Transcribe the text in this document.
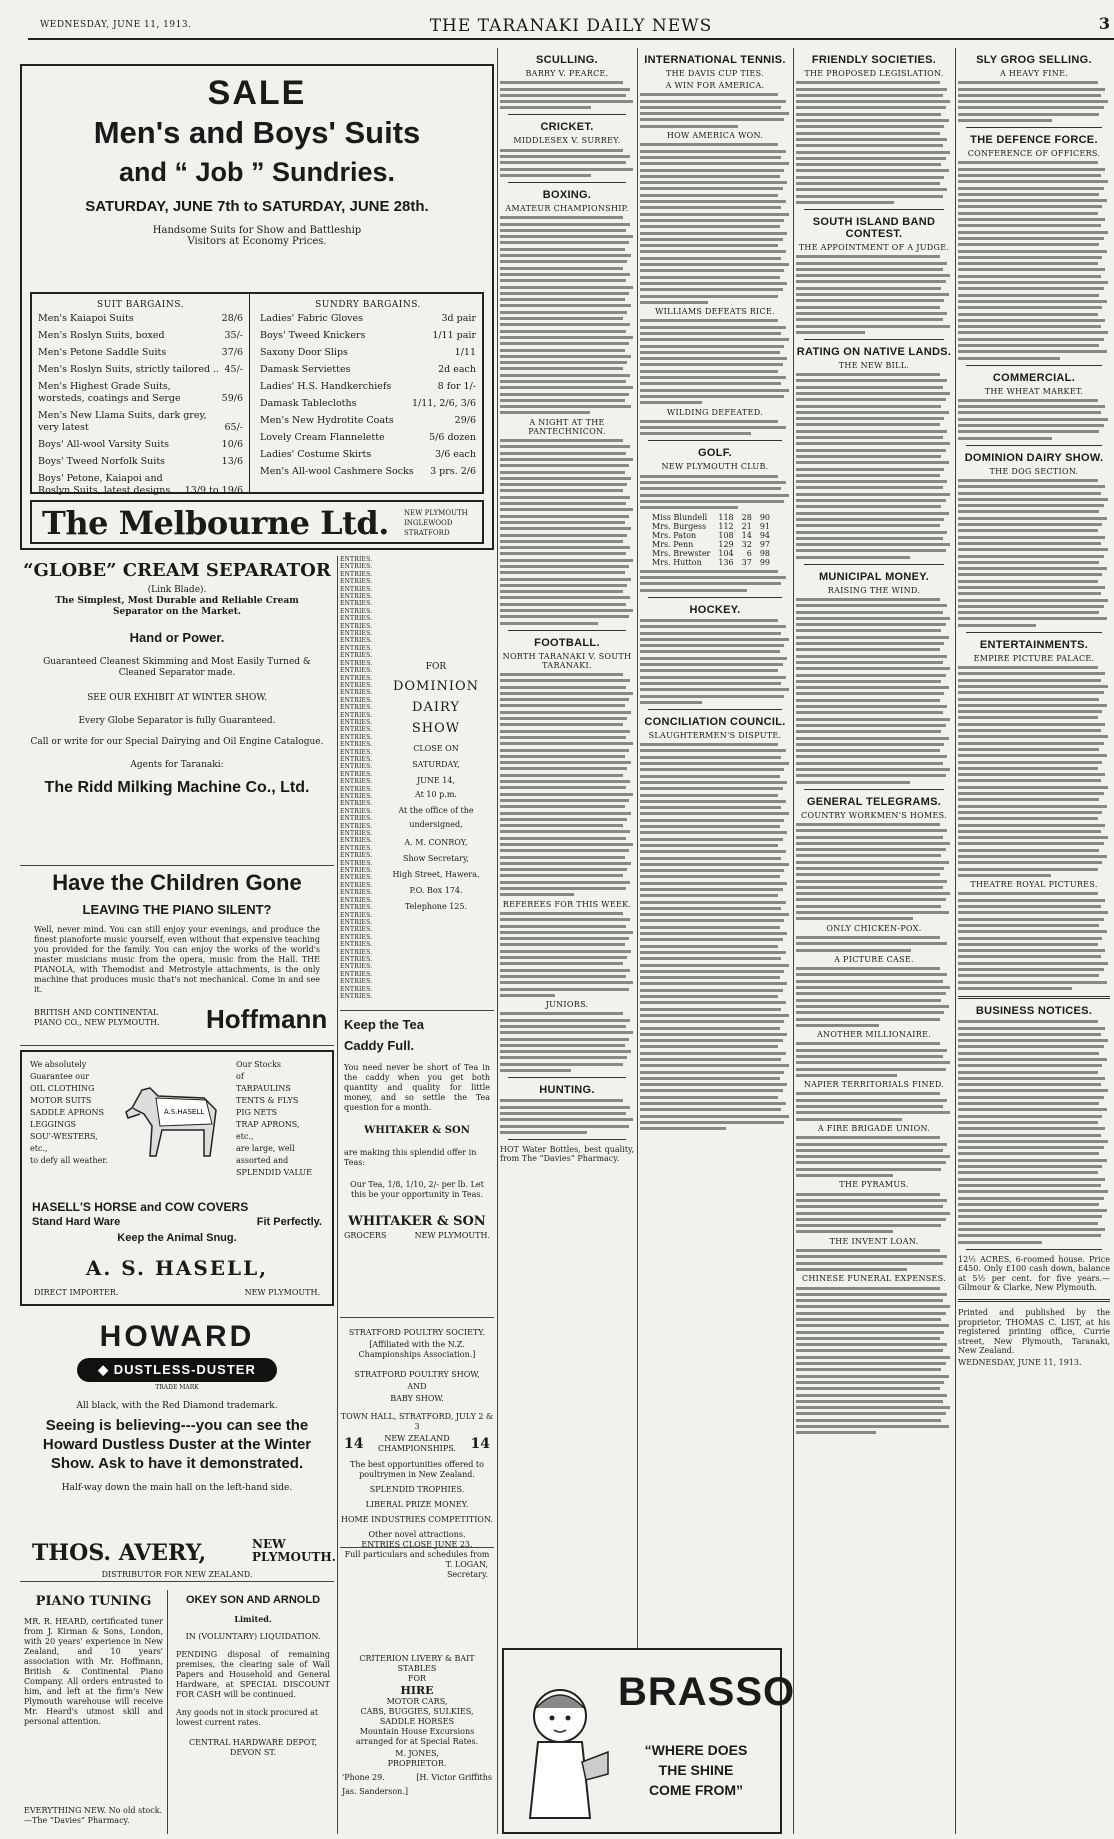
WEDNESDAY, JUNE 11, 1913.	THE TARANAKI DAILY NEWS	3
SALE
Men's and Boys' Suits
and “ Job ” Sundries.
SATURDAY, JUNE 7th to SATURDAY, JUNE 28th.
Handsome Suits for Show and Battleship
Visitors at Economy Prices.
SUIT BARGAINS.
Men's Kaiapoi Suits	28/6
Men's Roslyn Suits, boxed	35/-
Men's Petone Saddle Suits	37/6
Men's Roslyn Suits, strictly tailored .. 45/-
Men's Highest Grade Suits, worsteds, coatings and Serge	59/6
Men's New Llama Suits, dark grey, very latest	65/-
Boys' All-wool Varsity Suits	10/6
Boys' Tweed Norfolk Suits	13/6
Boys' Petone, Kaiapoi and Roslyn Suits, latest designs	13/9 to 19/6
SUNDRY BARGAINS.
Ladies' Fabric Gloves	3d pair
Boys' Tweed Knickers	1/11 pair
Saxony Door Slips	1/11
Damask Serviettes	2d each
Ladies' H.S. Handkerchiefs	8 for 1/-
Damask Tablecloths	1/11, 2/6, 3/6
Men's New Hydrotite Coats	29/6
Lovely Cream Flannelette	5/6 dozen
Ladies' Costume Skirts	3/6 each
Men's All-wool Cashmere Socks	3 prs. 2/6
The Melbourne Ltd. NEW PLYMOUTH
INGLEWOOD
STRATFORD
“GLOBE” CREAM SEPARATOR
(Link Blade).
The Simplest, Most Durable and Reliable Cream Separator on the Market.
Hand or Power.
Guaranteed Cleanest Skimming and Most Easily Turned & Cleaned Separator made.
SEE OUR EXHIBIT AT WINTER SHOW.
Every Globe Separator is fully Guaranteed.
Call or write for our Special Dairying and Oil Engine Catalogue.
Agents for Taranaki:
The Ridd Milking Machine Co., Ltd.
Have the Children Gone
LEAVING THE PIANO SILENT?
Well, never mind. You can still enjoy your evenings, and produce the finest pianoforte music yourself, even without that expensive teaching you provided for the family. You can enjoy the works of the world's master musicians music from the opera, music from the Hall. THE PIANOLA, with Themodist and Metrostyle attachments, is the only machine that produces music that's not mechanical. Come in and see it.
BRITISH AND CONTINENTAL
PIANO CO., NEW PLYMOUTH. Hoffmann
We absolutely
Guarantee our
OIL CLOTHING
MOTOR SUITS
SADDLE APRONS
LEGGINGS
SOU'-WESTERS,
etc.,
to defy all weather.
A.S.HASELL
Our Stocks
of
TARPAULINS
TENTS & FLYS
PIG NETS
TRAP APRONS,
etc.,
are large, well
assorted and
SPLENDID VALUE
HASELL'S HORSE and COW COVERS
Stand Hard Ware	Fit Perfectly.
Keep the Animal Snug.
A. S. HASELL,
DIRECT IMPORTER.	NEW PLYMOUTH.
HOWARD
◆ DUSTLESS-DUSTER
TRADE MARK
All black, with the Red Diamond trademark.
Seeing is believing---you can see the Howard Dustless Duster at the Winter Show. Ask to have it demonstrated.
Half-way down the main hall on the left-hand side.
THOS. AVERY,	NEW
PLYMOUTH.
DISTRIBUTOR FOR NEW ZEALAND.
PIANO TUNING
MR. R. HEARD, certificated tuner from J. Kirman & Sons, London, with 20 years' experience in New Zealand, and 10 years' association with Mr. Hoffmann, British & Continental Piano Company. All orders entrusted to him, and left at the firm's New Plymouth warehouse will receive Mr. Heard's utmost skill and personal attention.
EVERYTHING NEW. No old stock.—The “Davies” Pharmacy.
OKEY SON AND ARNOLD
Limited.
IN (VOLUNTARY) LIQUIDATION.
PENDING disposal of remaining premises, the clearing sale of Wall Papers and Household and General Hardware, at SPECIAL DISCOUNT FOR CASH will be continued.
Any goods not in stock procured at lowest current rates.
CENTRAL HARDWARE DEPOT,
DEVON ST.
ENTRIES.
ENTRIES.
ENTRIES.
ENTRIES.
ENTRIES.
ENTRIES.
ENTRIES.
ENTRIES.
ENTRIES.
ENTRIES.
ENTRIES.
ENTRIES.
ENTRIES.
ENTRIES.
ENTRIES.
ENTRIES.
ENTRIES.
ENTRIES.
ENTRIES.
ENTRIES.
ENTRIES.
ENTRIES.
ENTRIES.
ENTRIES.
ENTRIES.
ENTRIES.
ENTRIES.
ENTRIES.
ENTRIES.
ENTRIES.
ENTRIES.
ENTRIES.
ENTRIES.
ENTRIES.
ENTRIES.
ENTRIES.
ENTRIES.
ENTRIES.
ENTRIES.
ENTRIES.
ENTRIES.
ENTRIES.
ENTRIES.
ENTRIES.
ENTRIES.
ENTRIES.
ENTRIES.
ENTRIES.
ENTRIES.
ENTRIES.
ENTRIES.
ENTRIES.
ENTRIES.
ENTRIES.
ENTRIES.
ENTRIES.
ENTRIES.
ENTRIES.
ENTRIES.
ENTRIES.
FOR
DOMINION
DAIRY
SHOW
CLOSE ON
SATURDAY,
JUNE 14,
At 10 p.m.
At the office of the
undersigned,
A. M. CONROY,
Show Secretary,
High Street, Hawera.
P.O. Box 174.
Telephone 125.
Keep the Tea
Caddy Full.
You need never be short of Tea in the caddy when you get both quantity and quality for little money, and so settle the Tea question for a month.
WHITAKER & SON
are making this splendid offer in Teas:
Our Tea, 1/8, 1/10, 2/- per lb. Let this be your opportunity in Teas.
WHITAKER & SON
GROCERS	NEW PLYMOUTH.
STRATFORD POULTRY SOCIETY.
[Affiliated with the N.Z. Championships Association.]
STRATFORD POULTRY SHOW,
AND
BABY SHOW.
TOWN HALL, STRATFORD, JULY 2 & 3
14	NEW ZEALAND
CHAMPIONSHIPS. 14
The best opportunities offered to poultrymen in New Zealand.
SPLENDID TROPHIES.
LIBERAL PRIZE MONEY.
HOME INDUSTRIES COMPETITION.
Other novel attractions.
ENTRIES CLOSE JUNE 23.
Full particulars and schedules from
T. LOGAN,
Secretary.
CRITERION LIVERY & BAIT STABLES
FOR
HIRE
MOTOR CARS,
CABS, BUGGIES, SULKIES,
SADDLE HORSES
Mountain House Excursions arranged for at Special Rates.
M. JONES,
PROPRIETOR.
'Phone 29.	[H. Victor Griffiths
Jas. Sanderson.]
SCULLING.
BARRY V. PEARCE.
CRICKET.
MIDDLESEX V. SURREY.
BOXING.
AMATEUR CHAMPIONSHIP.
A NIGHT AT THE PANTECHNICON.
FOOTBALL.
NORTH TARANAKI V. SOUTH TARANAKI.
REFEREES FOR THIS WEEK.
JUNIORS.
HUNTING.
HOT Water Bottles, best quality, from The “Davies” Pharmacy.
INTERNATIONAL TENNIS.
THE DAVIS CUP TIES.
A WIN FOR AMERICA.
HOW AMERICA WON.
WILLIAMS DEFEATS RICE.
WILDING DEFEATED.
GOLF.
NEW PLYMOUTH CLUB.
Miss Blundell	118	28	90
Mrs. Burgess	112	21	91
Mrs. Paton	108	14	94
Mrs. Penn	129	32	97
Mrs. Brewster	104	6	98
Mrs. Hutton	136	37	99
HOCKEY.
CONCILIATION COUNCIL.
SLAUGHTERMEN'S DISPUTE.
BRASSO
“WHERE DOES
THE SHINE
COME FROM”
FRIENDLY SOCIETIES.
THE PROPOSED LEGISLATION.
SOUTH ISLAND BAND CONTEST.
THE APPOINTMENT OF A JUDGE.
RATING ON NATIVE LANDS.
THE NEW BILL.
MUNICIPAL MONEY.
RAISING THE WIND.
GENERAL TELEGRAMS.
COUNTRY WORKMEN'S HOMES.
ONLY CHICKEN-POX.
A PICTURE CASE.
ANOTHER MILLIONAIRE.
NAPIER TERRITORIALS FINED.
A FIRE BRIGADE UNION.
THE PYRAMUS.
THE INVENT LOAN.
CHINESE FUNERAL EXPENSES.
SLY GROG SELLING.
A HEAVY FINE.
THE DEFENCE FORCE.
CONFERENCE OF OFFICERS.
COMMERCIAL.
THE WHEAT MARKET.
DOMINION DAIRY SHOW.
THE DOG SECTION.
ENTERTAINMENTS.
EMPIRE PICTURE PALACE.
THEATRE ROYAL PICTURES.
BUSINESS NOTICES.
12½ ACRES, 6-roomed house. Price £450. Only £100 cash down, balance at 5½ per cent. for five years.—Gilmour & Clarke, New Plymouth.
Printed and published by the proprietor, THOMAS C. LIST, at his registered printing office, Currie street, New Plymouth, Taranaki, New Zealand.
WEDNESDAY, JUNE 11, 1913.
